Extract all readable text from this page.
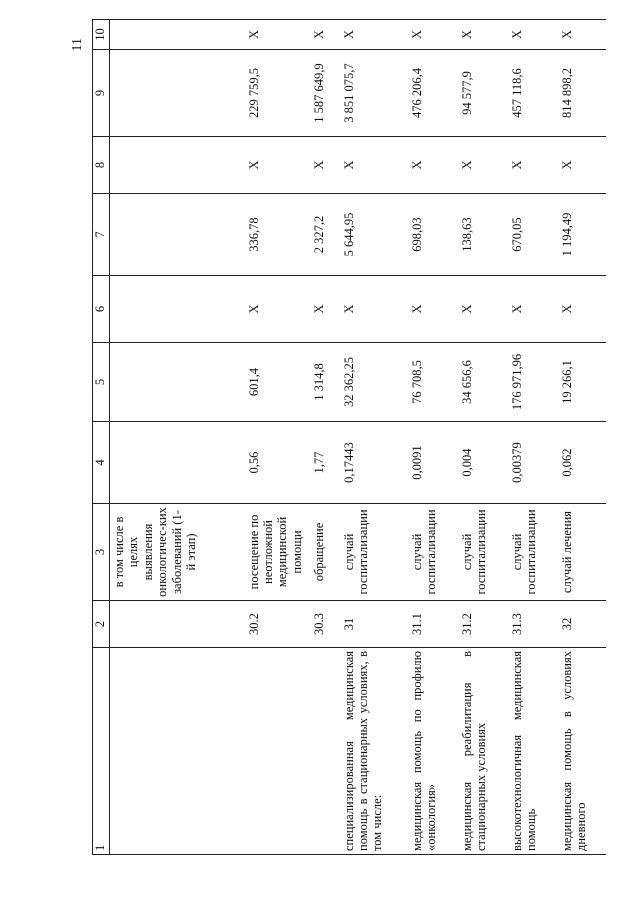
11
1	2	3	4	5	6	7	8	9	10
		в том числе в целях выявления онкологичес-ких заболеваний (1-й этап)							
	30.2	посещение по неотложной медицинской помощи	0,56	601,4	X	336,78	X	229 759,5	X
	30.3	обращение	1,77	1 314,8	X	2 327,2	X	1 587 649,9	X
специализированная медицинская помощь в стационарных условиях, в том числе:	31	случай госпитализации	0,17443	32 362,25	X	5 644,95	X	3 851 075,7	X
медицинская помощь по профилю «онкология»	31.1	случай госпитализации	0,0091	76 708,5	X	698,03	X	476 206,4	X
медицинская реабилитация в стационарных условиях	31.2	случай госпитализации	0,004	34 656,6	X	138,63	X	94 577,9	X
высокотехнологичная медицинская помощь	31.3	случай госпитализации	0,00379	176 971,96	X	670,05	X	457 118,6	X
медицинская помощь в условиях дневного	32	случай лечения	0,062	19 266,1	X	1 194,49	X	814 898,2	X
